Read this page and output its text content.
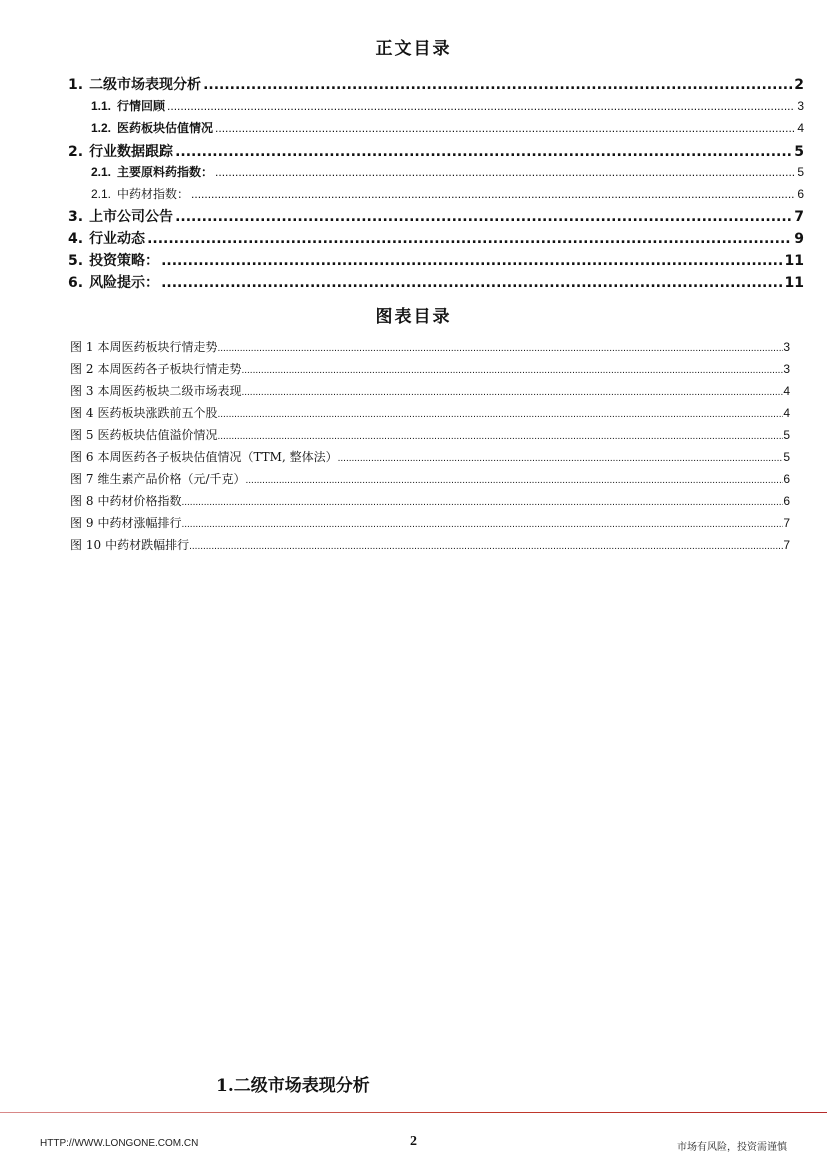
正文目录
1. 二级市场表现分析 .....	2
1.1. 行情回顾 .....	3
1.2. 医药板块估值情况 .....	4
2. 行业数据跟踪 .....	5
2.1. 主要原料药指数： .....	5
2.1. 中药材指数： .....	6
3. 上市公司公告 .....	7
4. 行业动态 .....	9
5. 投资策略： .....	11
6. 风险提示： .....	11
图表目录
图 1 本周医药板块行情走势 .....	3
图 2 本周医药各子板块行情走势 .....	3
图 3 本周医药板块二级市场表现 .....	4
图 4 医药板块涨跌前五个股 .....	4
图 5 医药板块估值溢价情况 .....	5
图 6 本周医药各子板块估值情况（TTM, 整体法） .....	5
图 7 维生素产品价格（元/千克） .....	6
图 8 中药材价格指数 .....	6
图 9 中药材涨幅排行 .....	7
图 10 中药材跌幅排行 .....	7
1.二级市场表现分析
HTTP://WWW.LONGONE.COM.CN	2	市场有风险，投资需谨慎
